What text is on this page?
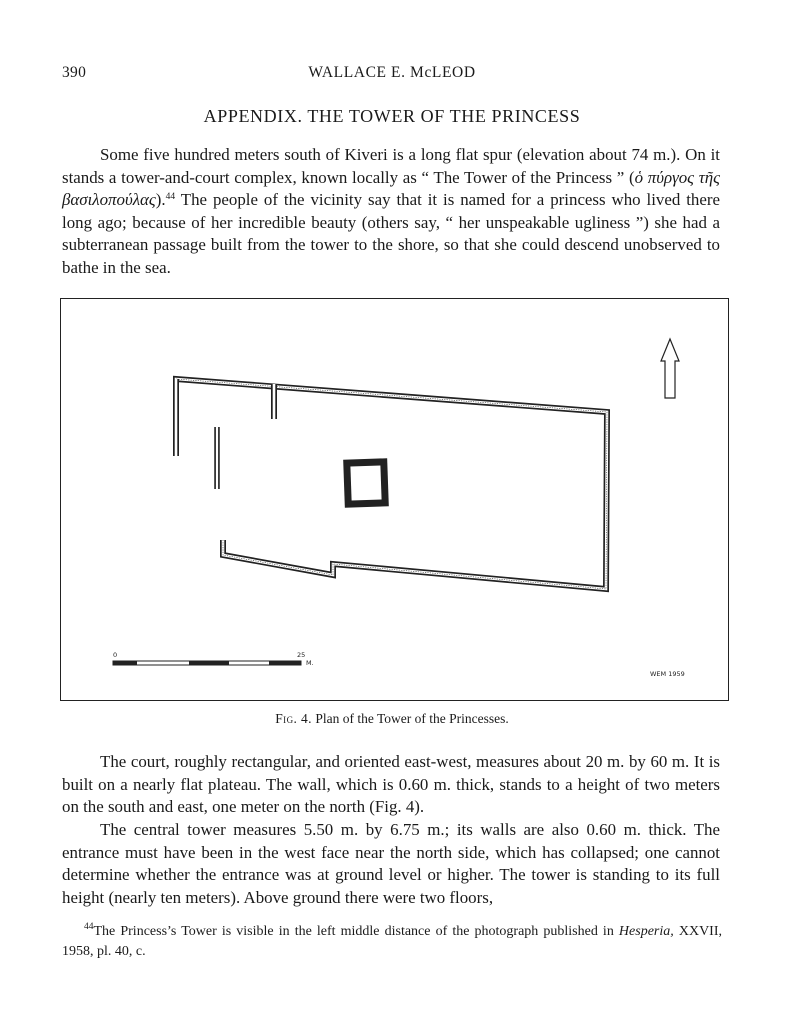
390	WALLACE E. McLEOD
APPENDIX. THE TOWER OF THE PRINCESS

Some five hundred meters south of Kiveri is a long flat spur (elevation about 74 m.). On it stands a tower-and-court complex, known locally as “ The Tower of the Princess ” (ὁ πύργος τῆς βασιλοπούλας).$^{44}$ The people of the vicinity say that it is named for a princess who lived there long ago; because of her incredible beauty (others say, “ her unspeakable ugliness ”) she had a subterranean passage built from the tower to the shore, so that she could descend unobserved to bathe in the sea.

0	25
M.
WEM 1959
Fig. 4. Plan of the Tower of the Princesses.

The court, roughly rectangular, and oriented east-west, measures about 20 m. by 60 m. It is built on a nearly flat plateau. The wall, which is 0.60 m. thick, stands to a height of two meters on the south and east, one meter on the north (Fig. 4).

The central tower measures 5.50 m. by 6.75 m.; its walls are also 0.60 m. thick. The entrance must have been in the west face near the north side, which has collapsed; one cannot determine whether the entrance was at ground level or higher. The tower is standing to its full height (nearly ten meters). Above ground there were two floors,

$^{44}$The Princess’s Tower is visible in the left middle distance of the photograph published in Hesperia, XXVII, 1958, pl. 40, c.
